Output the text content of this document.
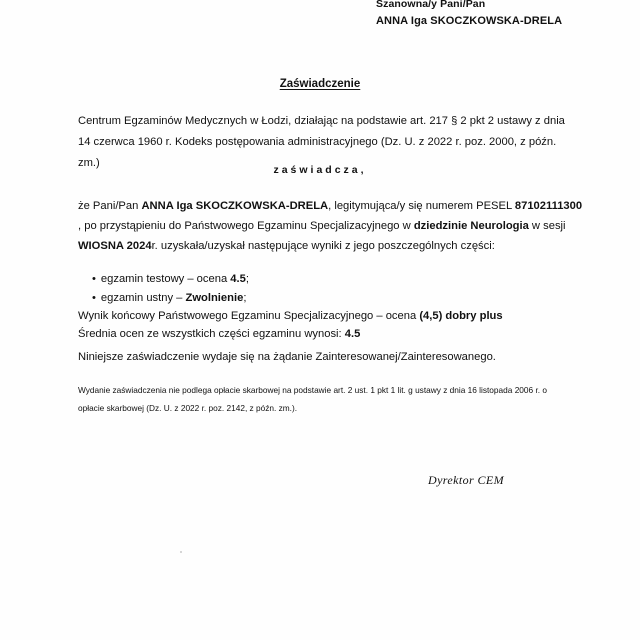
Szanowna/y Pani/Pan
ANNA Iga SKOCZKOWSKA-DRELA
Zaświadczenie
Centrum Egzaminów Medycznych w Łodzi, działając na podstawie art. 217 § 2 pkt 2 ustawy z dnia 14 czerwca 1960 r. Kodeks postępowania administracyjnego (Dz. U. z 2022 r. poz. 2000, z późn. zm.)
zaświadcza,
że Pani/Pan ANNA Iga SKOCZKOWSKA-DRELA, legitymująca/y się numerem PESEL 87102111300
, po przystąpieniu do Państwowego Egzaminu Specjalizacyjnego w dziedzinie Neurologia w sesji
WIOSNA 2024r. uzyskała/uzyskał następujące wyniki z jego poszczególnych części:
• egzamin testowy – ocena 4.5;
• egzamin ustny – Zwolnienie;
Wynik końcowy Państwowego Egzaminu Specjalizacyjnego – ocena (4,5) dobry plus
Średnia ocen ze wszystkich części egzaminu wynosi: 4.5
Niniejsze zaświadczenie wydaje się na żądanie Zainteresowanej/Zainteresowanego.
Wydanie zaświadczenia nie podlega opłacie skarbowej na podstawie art. 2 ust. 1 pkt 1 lit. g ustawy z dnia 16 listopada 2006 r. o
opłacie skarbowej (Dz. U. z 2022 r. poz. 2142, z późn. zm.).
Dyrektor CEM
